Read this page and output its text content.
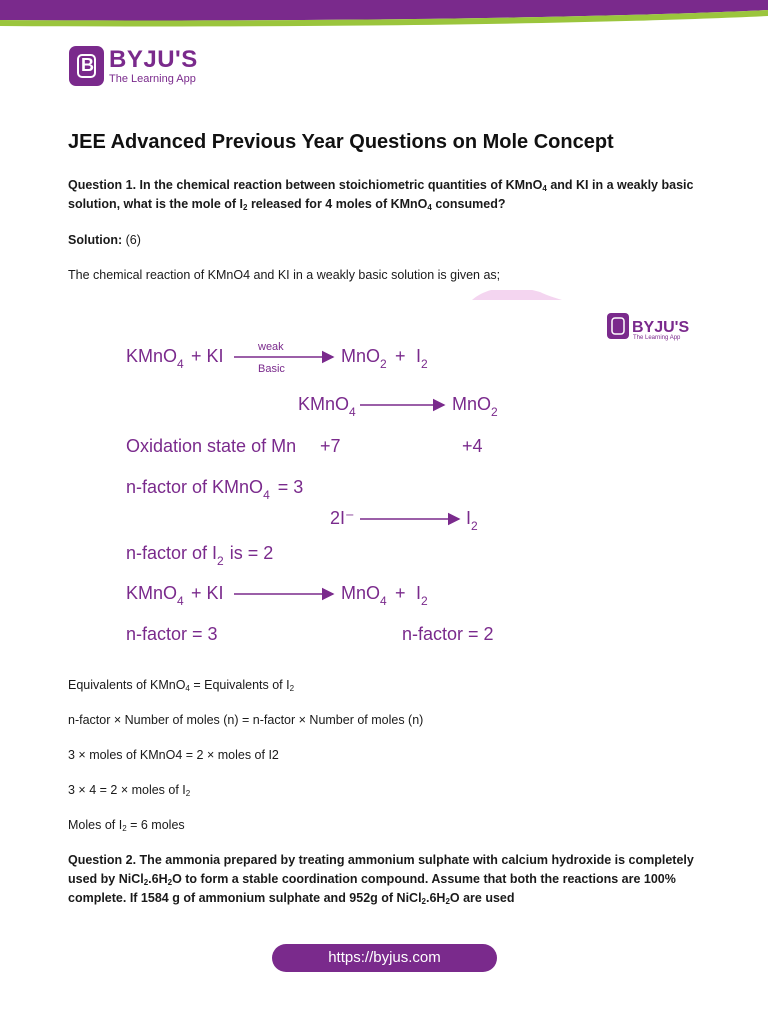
B BYJU'S
The Learning App
JEE Advanced Previous Year Questions on Mole Concept

Question 1. In the chemical reaction between stoichiometric quantities of KMnO$_4$ and KI in a weakly basic solution, what is the mole of $I_2$ released for 4 moles of KMnO$_4$ consumed?

Solution: (6)

The chemical reaction of KMnO4 and KI in a weakly basic solution is given as;

BYJU'S
The Learning App
KMnO$_4$ + KI	weak
Basic
$MnO_2 + I_2$
KMnO$_4$	MnO$_2$
Oxidation state of Mn +7	+4
n-factor of KMnO$_4$ = 3
2I⁻	$I_2$
n-factor of $I_2$ is = 2
KMnO$_4$ + KI	$MnO_4 + I_2$
n-factor = 3	n-factor = 2

Equivalents of KMnO$_4$ = Equivalents of $I_2$

n-factor × Number of moles (n) = n-factor × Number of moles (n)

3 × moles of KMnO4 = 2 × moles of I2

3 × 4 = 2 × moles of $I_2$

Moles of $I_2 = 6$ moles

Question 2. The ammonia prepared by treating ammonium sulphate with calcium hydroxide is completely used by $NiCl_2.6H_2O$ to form a stable coordination compound. Assume that both the reactions are 100% complete. If 1584 g of ammonium sulphate and 952g of $NiCl_2.6H_2O$ are used

https://byjus.com
